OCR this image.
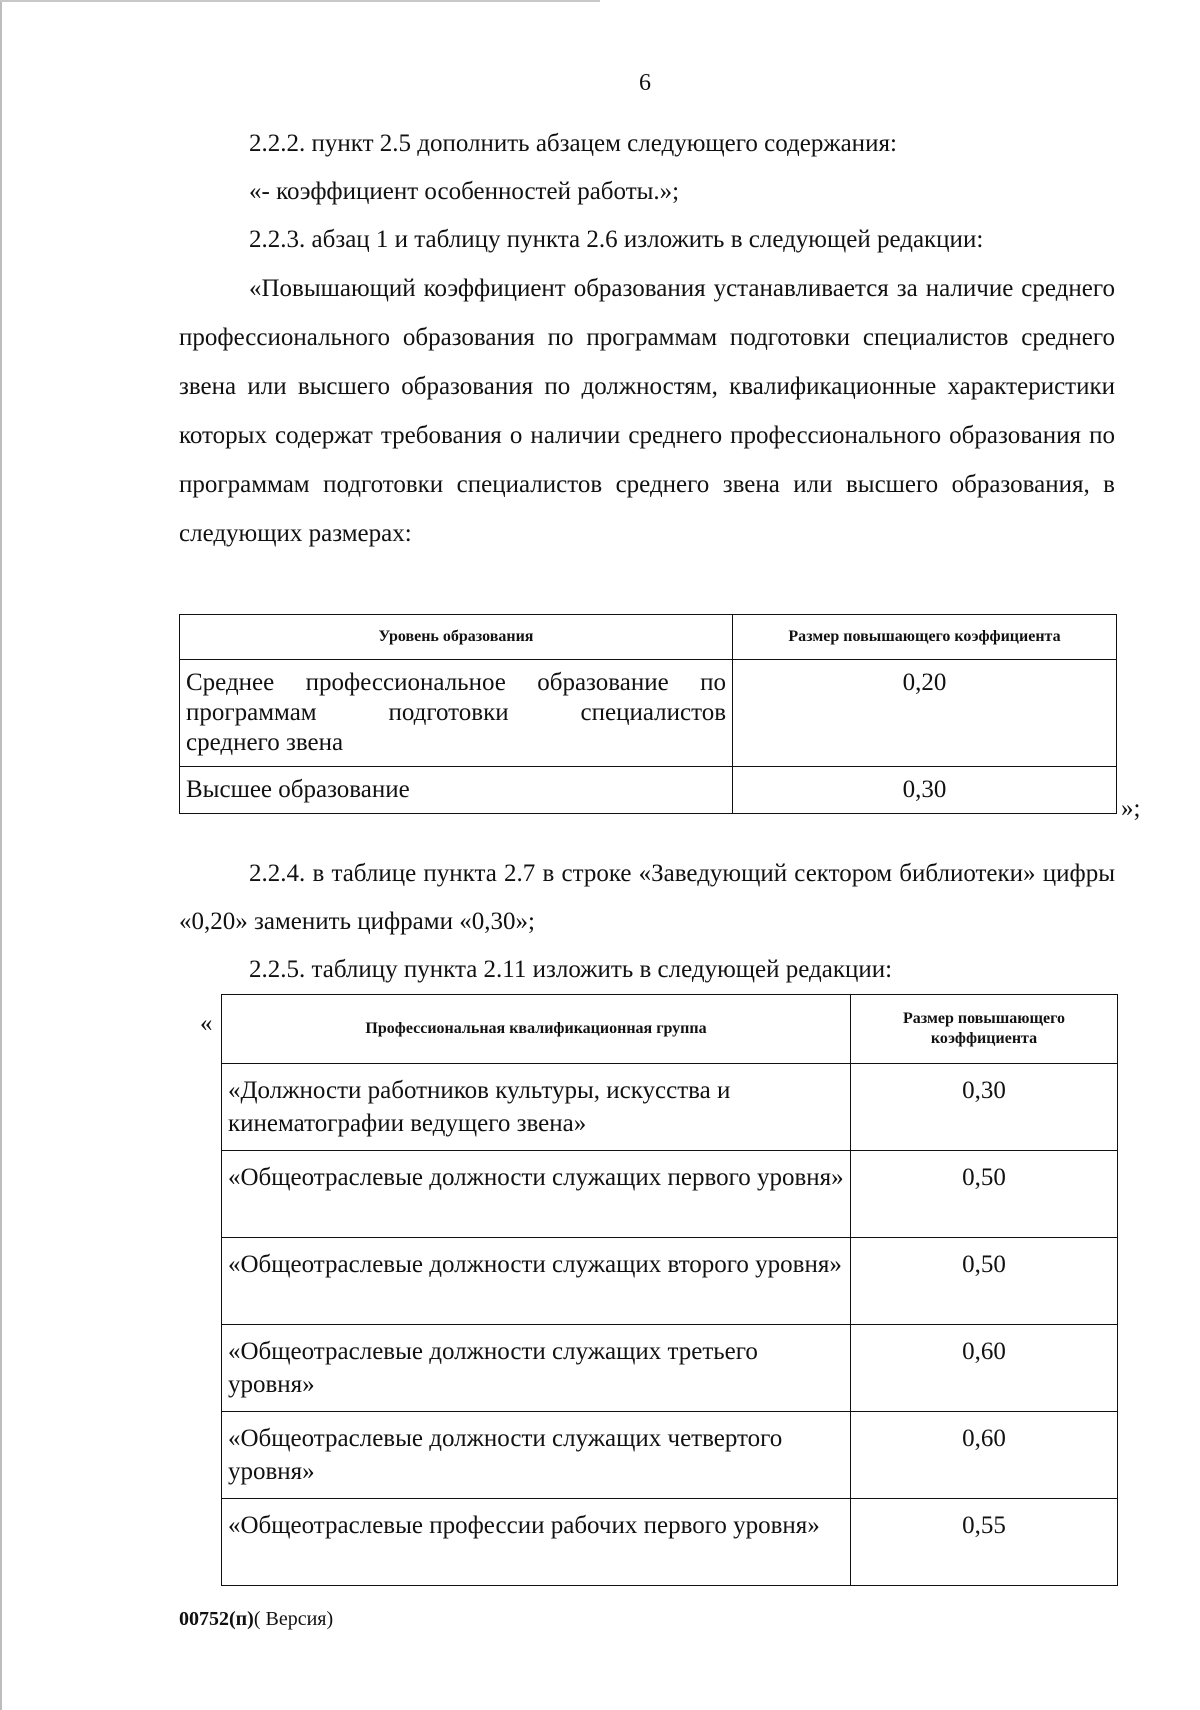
6

2.2.2. пункт 2.5 дополнить абзацем следующего содержания:

«- коэффициент особенностей работы.»;

2.2.3. абзац 1 и таблицу пункта 2.6 изложить в следующей редакции:

«Повышающий коэффициент образования устанавливается за наличие среднего профессионального образования по программам подготовки специалистов среднего звена или высшего образования по должностям, квалификационные характеристики которых содержат требования о наличии среднего профессионального образования по программам подготовки специалистов среднего звена или высшего образования, в следующих размерах:

Уровень образования	Размер повышающего коэффициента

Среднее профессиональное образование по
программам подготовки специалистов
среднего звена	0,20
Высшее образование	0,30
»;

2.2.4. в таблице пункта 2.7 в строке «Заведующий сектором библиотеки» цифры «0,20» заменить цифрами «0,30»;

2.2.5. таблицу пункта 2.11 изложить в следующей редакции:

«	Профессиональная квалификационная группа	Размер повышающего коэффициента
«Должности работников культуры, искусства и кинематографии ведущего звена»	0,30
«Общеотраслевые должности служащих первого уровня»	0,50
«Общеотраслевые должности служащих второго уровня»	0,50
«Общеотраслевые должности служащих третьего уровня»	0,60
«Общеотраслевые должности служащих четвертого уровня»	0,60
«Общеотраслевые профессии рабочих первого уровня»	0,55
00752(п)( Версия)
